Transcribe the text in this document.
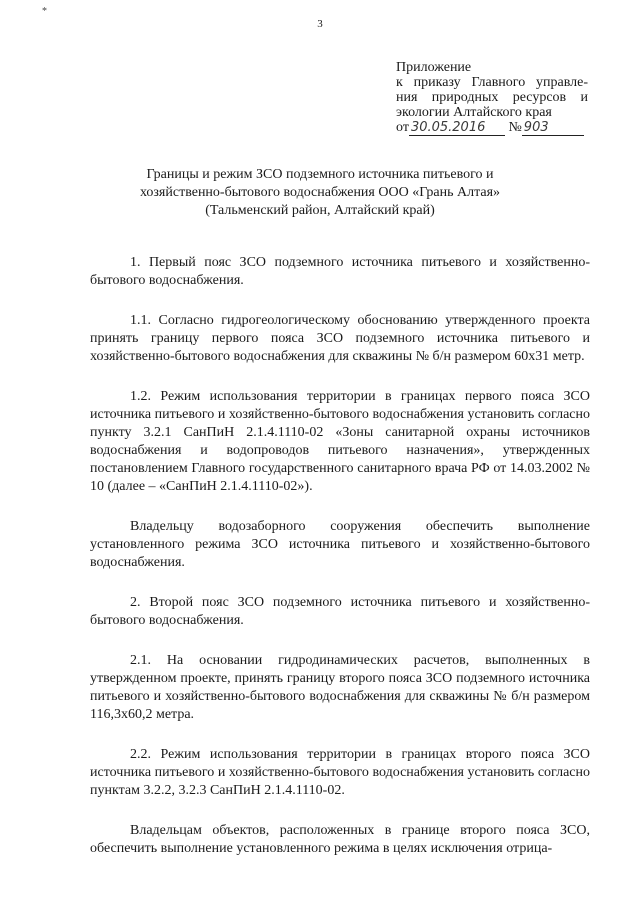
*
3
Приложение
к приказу Главного управле-
ния природных ресурсов и
экологии Алтайского края
от 30.05.2016 № 903
Границы и режим ЗСО подземного источника питьевого и
хозяйственно-бытового водоснабжения ООО «Грань Алтая»
(Тальменский район, Алтайский край)

1. Первый пояс ЗСО подземного источника питьевого и хозяйственно-бытового водоснабжения.

1.1. Согласно гидрогеологическому обоснованию утвержденного проекта принять границу первого пояса ЗСО подземного источника питьевого и хозяйственно-бытового водоснабжения для скважины № б/н размером 60х31 метр.

1.2. Режим использования территории в границах первого пояса ЗСО источника питьевого и хозяйственно-бытового водоснабжения установить согласно пункту 3.2.1 СанПиН 2.1.4.1110-02 «Зоны санитарной охраны источников водоснабжения и водопроводов питьевого назначения», утвержденных постановлением Главного государственного санитарного врача РФ от 14.03.2002 № 10 (далее – «СанПиН 2.1.4.1110-02»).

Владельцу водозаборного сооружения обеспечить выполнение установленного режима ЗСО источника питьевого и хозяйственно-бытового водоснабжения.

2. Второй пояс ЗСО подземного источника питьевого и хозяйственно-бытового водоснабжения.

2.1. На основании гидродинамических расчетов, выполненных в утвержденном проекте, принять границу второго пояса ЗСО подземного источника питьевого и хозяйственно-бытового водоснабжения для скважины № б/н размером 116,3х60,2 метра.

2.2. Режим использования территории в границах второго пояса ЗСО источника питьевого и хозяйственно-бытового водоснабжения установить согласно пунктам 3.2.2, 3.2.3 СанПиН 2.1.4.1110-02.

Владельцам объектов, расположенных в границе второго пояса ЗСО, обеспечить выполнение установленного режима в целях исключения отрица-
